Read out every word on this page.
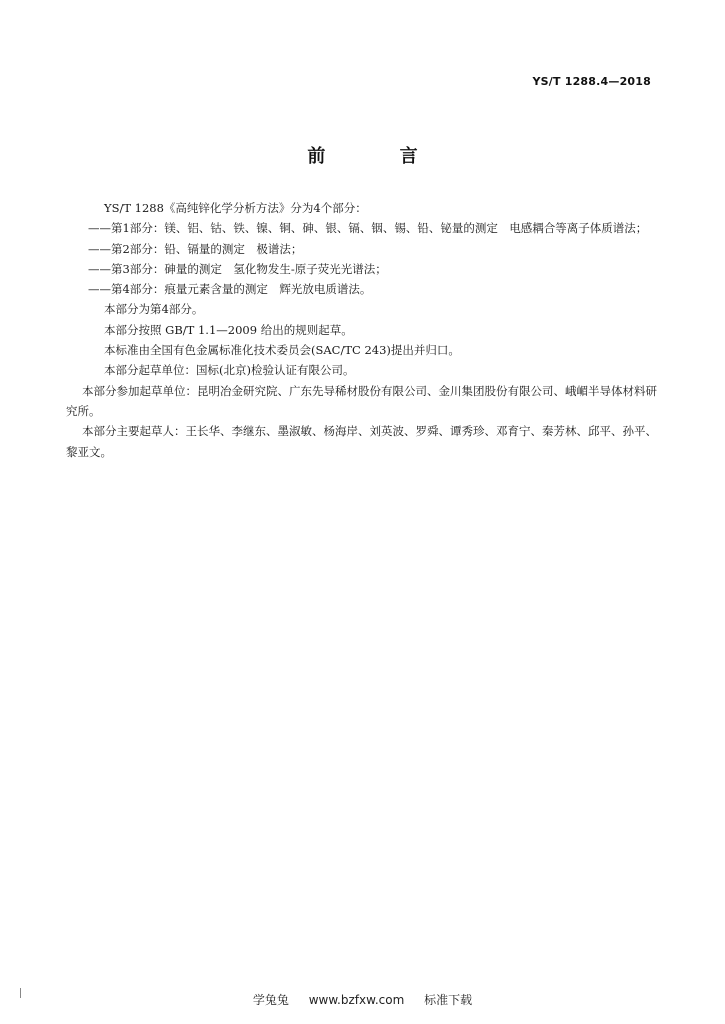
YS/T 1288.4—2018
前 言
YS/T 1288《高纯锌化学分析方法》分为4个部分：
——第1部分：镁、铝、钴、铁、镍、铜、砷、银、镉、铟、锡、铅、铋量的测定　电感耦合等离子体质谱法；
——第2部分：铅、镉量的测定　极谱法；
——第3部分：砷量的测定　氢化物发生-原子荧光光谱法；
——第4部分：痕量元素含量的测定　辉光放电质谱法。
本部分为第4部分。
本部分按照 GB/T 1.1—2009 给出的规则起草。
本标准由全国有色金属标准化技术委员会(SAC/TC 243)提出并归口。
本部分起草单位：国标(北京)检验认证有限公司。
本部分参加起草单位：昆明冶金研究院、广东先导稀材股份有限公司、金川集团股份有限公司、峨嵋半导体材料研究所。
本部分主要起草人：王长华、李继东、墨淑敏、杨海岸、刘英波、罗舜、谭秀珍、邓育宁、秦芳林、邱平、孙平、黎亚文。
学兔兔 www.bzfxw.com 标准下载
